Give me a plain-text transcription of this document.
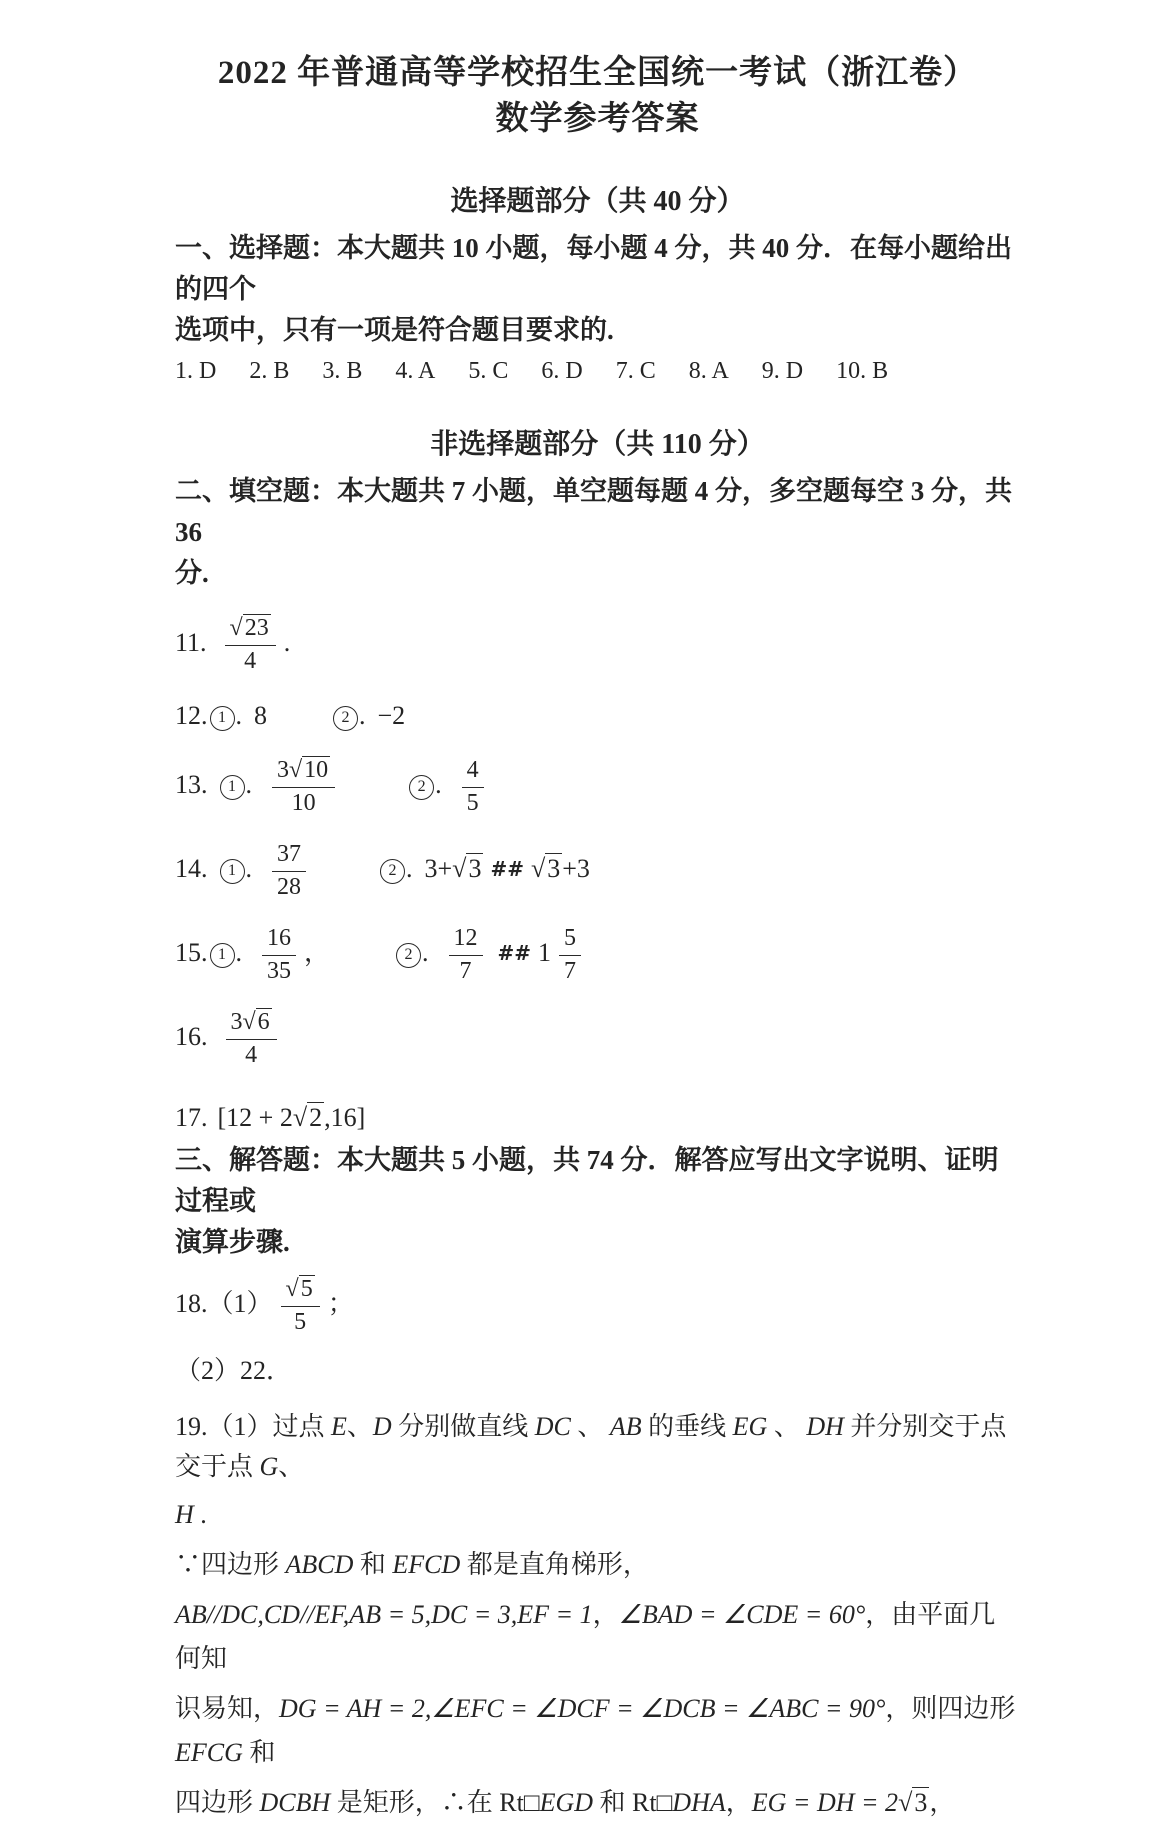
2022 年普通高等学校招生全国统一考试（浙江卷）
数学参考答案
选择题部分（共 40 分）

一、选择题：本大题共 10 小题，每小题 4 分，共 40 分．在每小题给出的四个

选项中，只有一项是符合题目要求的.

1. D 2. B 3. B 4. A 5. C 6. D 7. C 8. A 9. D 10. B

非选择题部分（共 110 分）

二、填空题：本大题共 7 小题，单空题每题 4 分，多空题每空 3 分，共 36

分.

11. $\frac{√23}{4}$ .
12. 1 . 8	2 . −2
13. 1 . $\frac{3√10}{10}$	2 . $\frac{4}{5}$
14. 1 . $\frac{37}{28}$	2 . 3+√3 ## √3+3
15. 1 . $\frac{16}{35}$ ，	2 . $\frac{12}{7}$ ## $1 \frac{5}{7}$
16. $\frac{3√6}{4}$
17. [12 + 2√2,16]

三、解答题：本大题共 5 小题，共 74 分．解答应写出文字说明、证明过程或

演算步骤.

$18.(1) \frac{√5}{5}$ ；
（2）22．
19.（1）过点 E、D 分别做直线 DC 、 AB 的垂线 EG 、 DH 并分别交于点交于点 G、
H .
∵四边形 ABCD 和 EFCD 都是直角梯形，
AB//DC,CD//EF,AB = 5,DC = 3,EF = 1，∠BAD = ∠CDE = 60°，由平面几何知
识易知，DG = AH = 2,∠EFC = ∠DCF = ∠DCB = ∠ABC = 90°，则四边形 EFCG 和
四边形 DCBH 是矩形，∴在 Rt□EGD 和 Rt□DHA，EG = DH = 2√3，
